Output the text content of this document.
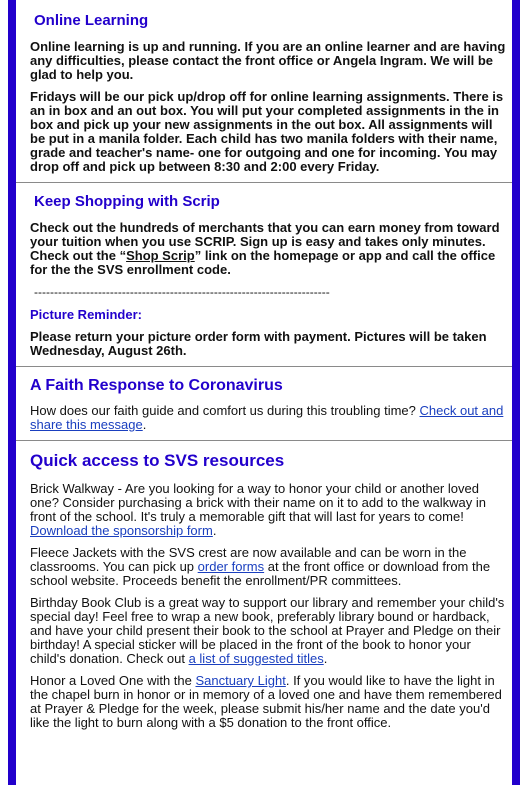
Online Learning

Online learning is up and running. If you are an online learner and are having any difficulties, please contact the front office or Angela Ingram. We will be glad to help you.

Fridays will be our pick up/drop off for online learning assignments. There is an in box and an out box. You will put your completed assignments in the in box and pick up your new assignments in the out box. All assignments will be put in a manila folder. Each child has two manila folders with their name, grade and teacher's name- one for outgoing and one for incoming. You may drop off and pick up between 8:30 and 2:00 every Friday.

Keep Shopping with Scrip

Check out the hundreds of merchants that you can earn money from toward your tuition when you use SCRIP. Sign up is easy and takes only minutes. Check out the “Shop Scrip” link on the homepage or app and call the office for the the SVS enrollment code.

--------------------------------------------------------------------------
Picture Reminder:

Please return your picture order form with payment. Pictures will be taken Wednesday, August 26th.

A Faith Response to Coronavirus

How does our faith guide and comfort us during this troubling time? Check out and share this message.

Quick access to SVS resources

Brick Walkway - Are you looking for a way to honor your child or another loved one? Consider purchasing a brick with their name on it to add to the walkway in front of the school. It's truly a memorable gift that will last for years to come! Download the sponsorship form.

Fleece Jackets with the SVS crest are now available and can be worn in the classrooms. You can pick up order forms at the front office or download from the school website. Proceeds benefit the enrollment/PR committees.

Birthday Book Club is a great way to support our library and remember your child's special day! Feel free to wrap a new book, preferably library bound or hardback, and have your child present their book to the school at Prayer and Pledge on their birthday! A special sticker will be placed in the front of the book to honor your child's donation. Check out a list of suggested titles.

Honor a Loved One with the Sanctuary Light. If you would like to have the light in the chapel burn in honor or in memory of a loved one and have them remembered at Prayer & Pledge for the week, please submit his/her name and the date you'd like the light to burn along with a $5 donation to the front office.
